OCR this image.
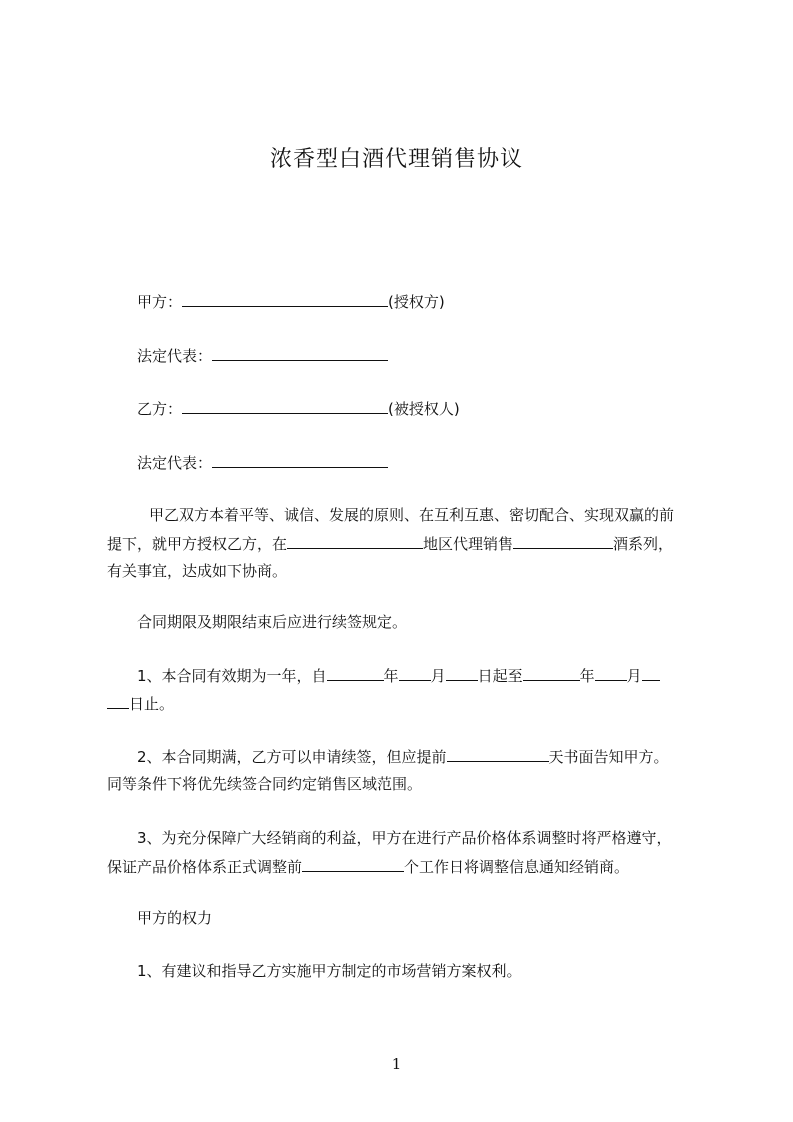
浓香型白酒代理销售协议
甲方：	(授权方)
法定代表：
乙方：	(被授权人)
法定代表：
甲乙双方本着平等、诚信、发展的原则、在互利互惠、密切配合、实现双赢的前
提下，就甲方授权乙方，在	地区代理销售	酒系列，
有关事宜，达成如下协商。
合同期限及期限结束后应进行续签规定。
1、本合同有效期为一年，自	年 月 日起至	年 月
日止。
2、本合同期满，乙方可以申请续签，但应提前	天书面告知甲方。
同等条件下将优先续签合同约定销售区域范围。
3、为充分保障广大经销商的利益，甲方在进行产品价格体系调整时将严格遵守，
保证产品价格体系正式调整前	个工作日将调整信息通知经销商。
甲方的权力
1、有建议和指导乙方实施甲方制定的市场营销方案权利。
1
